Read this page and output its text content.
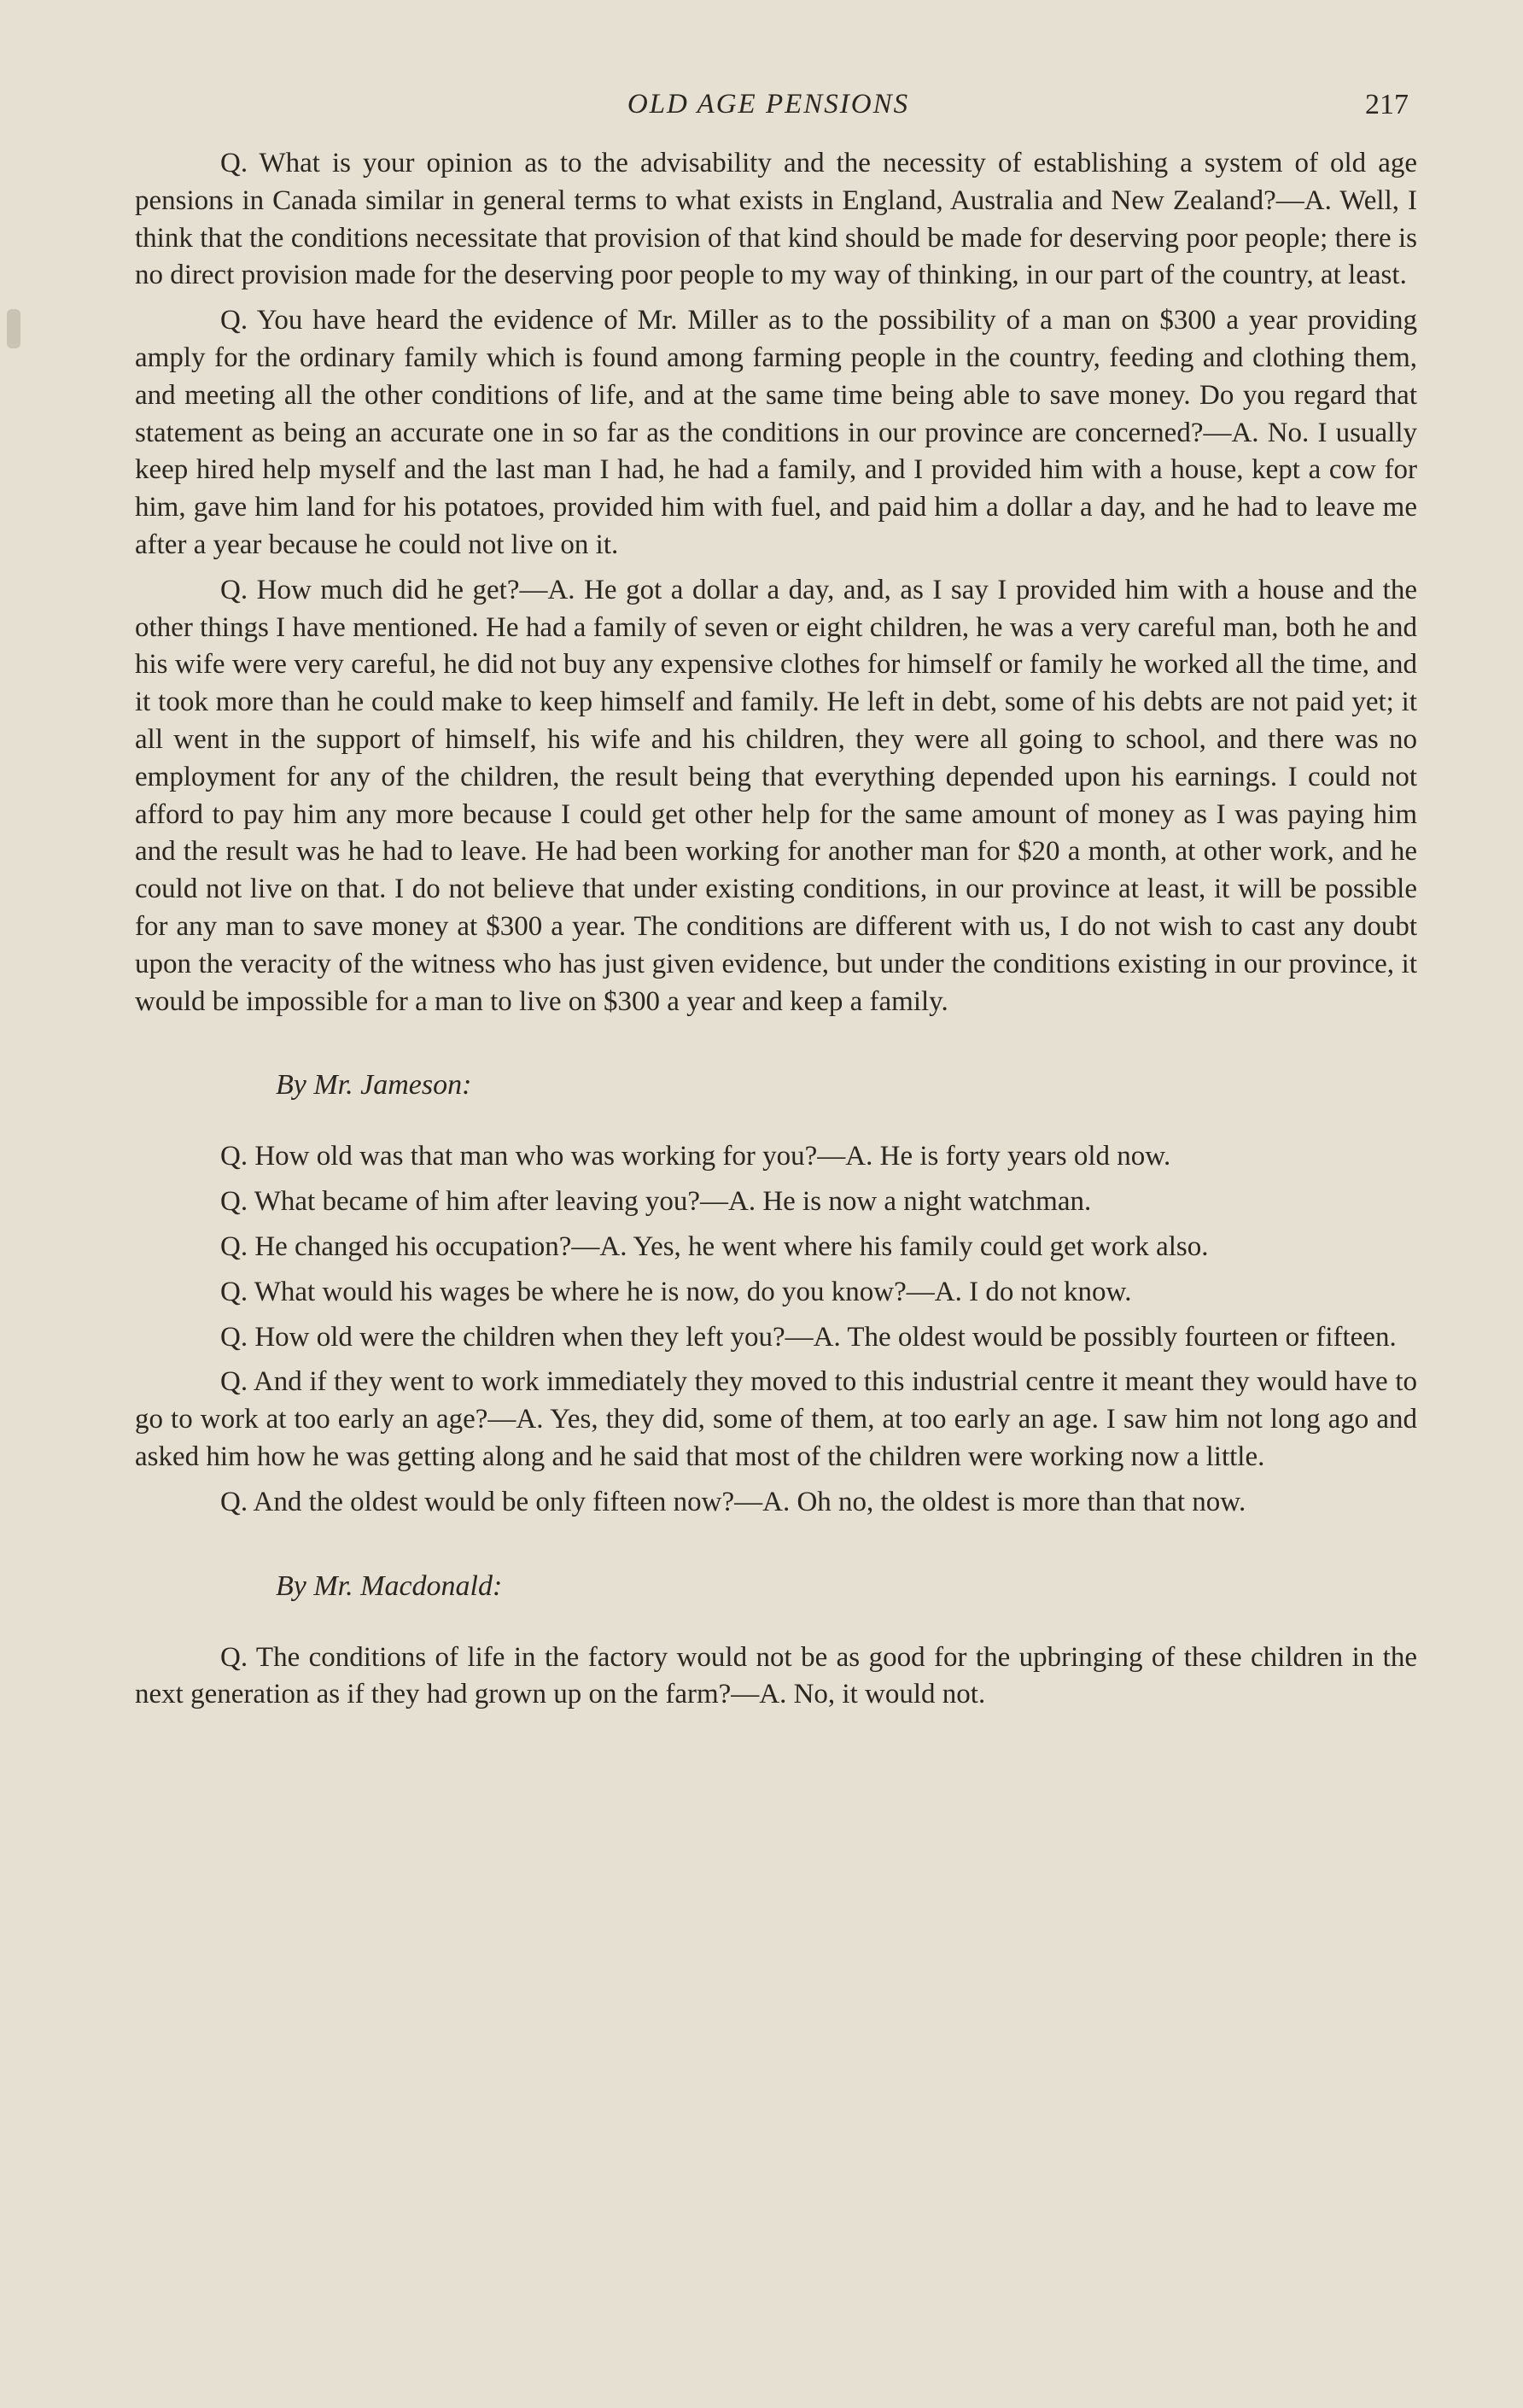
OLD AGE PENSIONS	217

Q. What is your opinion as to the advisability and the necessity of establishing a system of old age pensions in Canada similar in general terms to what exists in England, Australia and New Zealand?—A. Well, I think that the conditions necessitate that provision of that kind should be made for deserving poor people; there is no direct provision made for the deserving poor people to my way of thinking, in our part of the country, at least.

Q. You have heard the evidence of Mr. Miller as to the possibility of a man on $300 a year providing amply for the ordinary family which is found among farming people in the country, feeding and clothing them, and meeting all the other conditions of life, and at the same time being able to save money. Do you regard that statement as being an accurate one in so far as the conditions in our province are concerned?—A. No. I usually keep hired help myself and the last man I had, he had a family, and I provided him with a house, kept a cow for him, gave him land for his potatoes, provided him with fuel, and paid him a dollar a day, and he had to leave me after a year because he could not live on it.

Q. How much did he get?—A. He got a dollar a day, and, as I say I provided him with a house and the other things I have mentioned. He had a family of seven or eight children, he was a very careful man, both he and his wife were very careful, he did not buy any expensive clothes for himself or family he worked all the time, and it took more than he could make to keep himself and family. He left in debt, some of his debts are not paid yet; it all went in the support of himself, his wife and his children, they were all going to school, and there was no employment for any of the children, the result being that everything depended upon his earnings. I could not afford to pay him any more because I could get other help for the same amount of money as I was paying him and the result was he had to leave. He had been working for another man for $20 a month, at other work, and he could not live on that. I do not believe that under existing conditions, in our province at least, it will be possible for any man to save money at $300 a year. The conditions are different with us, I do not wish to cast any doubt upon the veracity of the witness who has just given evidence, but under the conditions existing in our province, it would be impossible for a man to live on $300 a year and keep a family.

By Mr. Jameson:

Q. How old was that man who was working for you?—A. He is forty years old now.

Q. What became of him after leaving you?—A. He is now a night watchman.

Q. He changed his occupation?—A. Yes, he went where his family could get work also.

Q. What would his wages be where he is now, do you know?—A. I do not know.

Q. How old were the children when they left you?—A. The oldest would be possibly fourteen or fifteen.

Q. And if they went to work immediately they moved to this industrial centre it meant they would have to go to work at too early an age?—A. Yes, they did, some of them, at too early an age. I saw him not long ago and asked him how he was getting along and he said that most of the children were working now a little.

Q. And the oldest would be only fifteen now?—A. Oh no, the oldest is more than that now.

By Mr. Macdonald:

Q. The conditions of life in the factory would not be as good for the upbringing of these children in the next generation as if they had grown up on the farm?—A. No, it would not.
